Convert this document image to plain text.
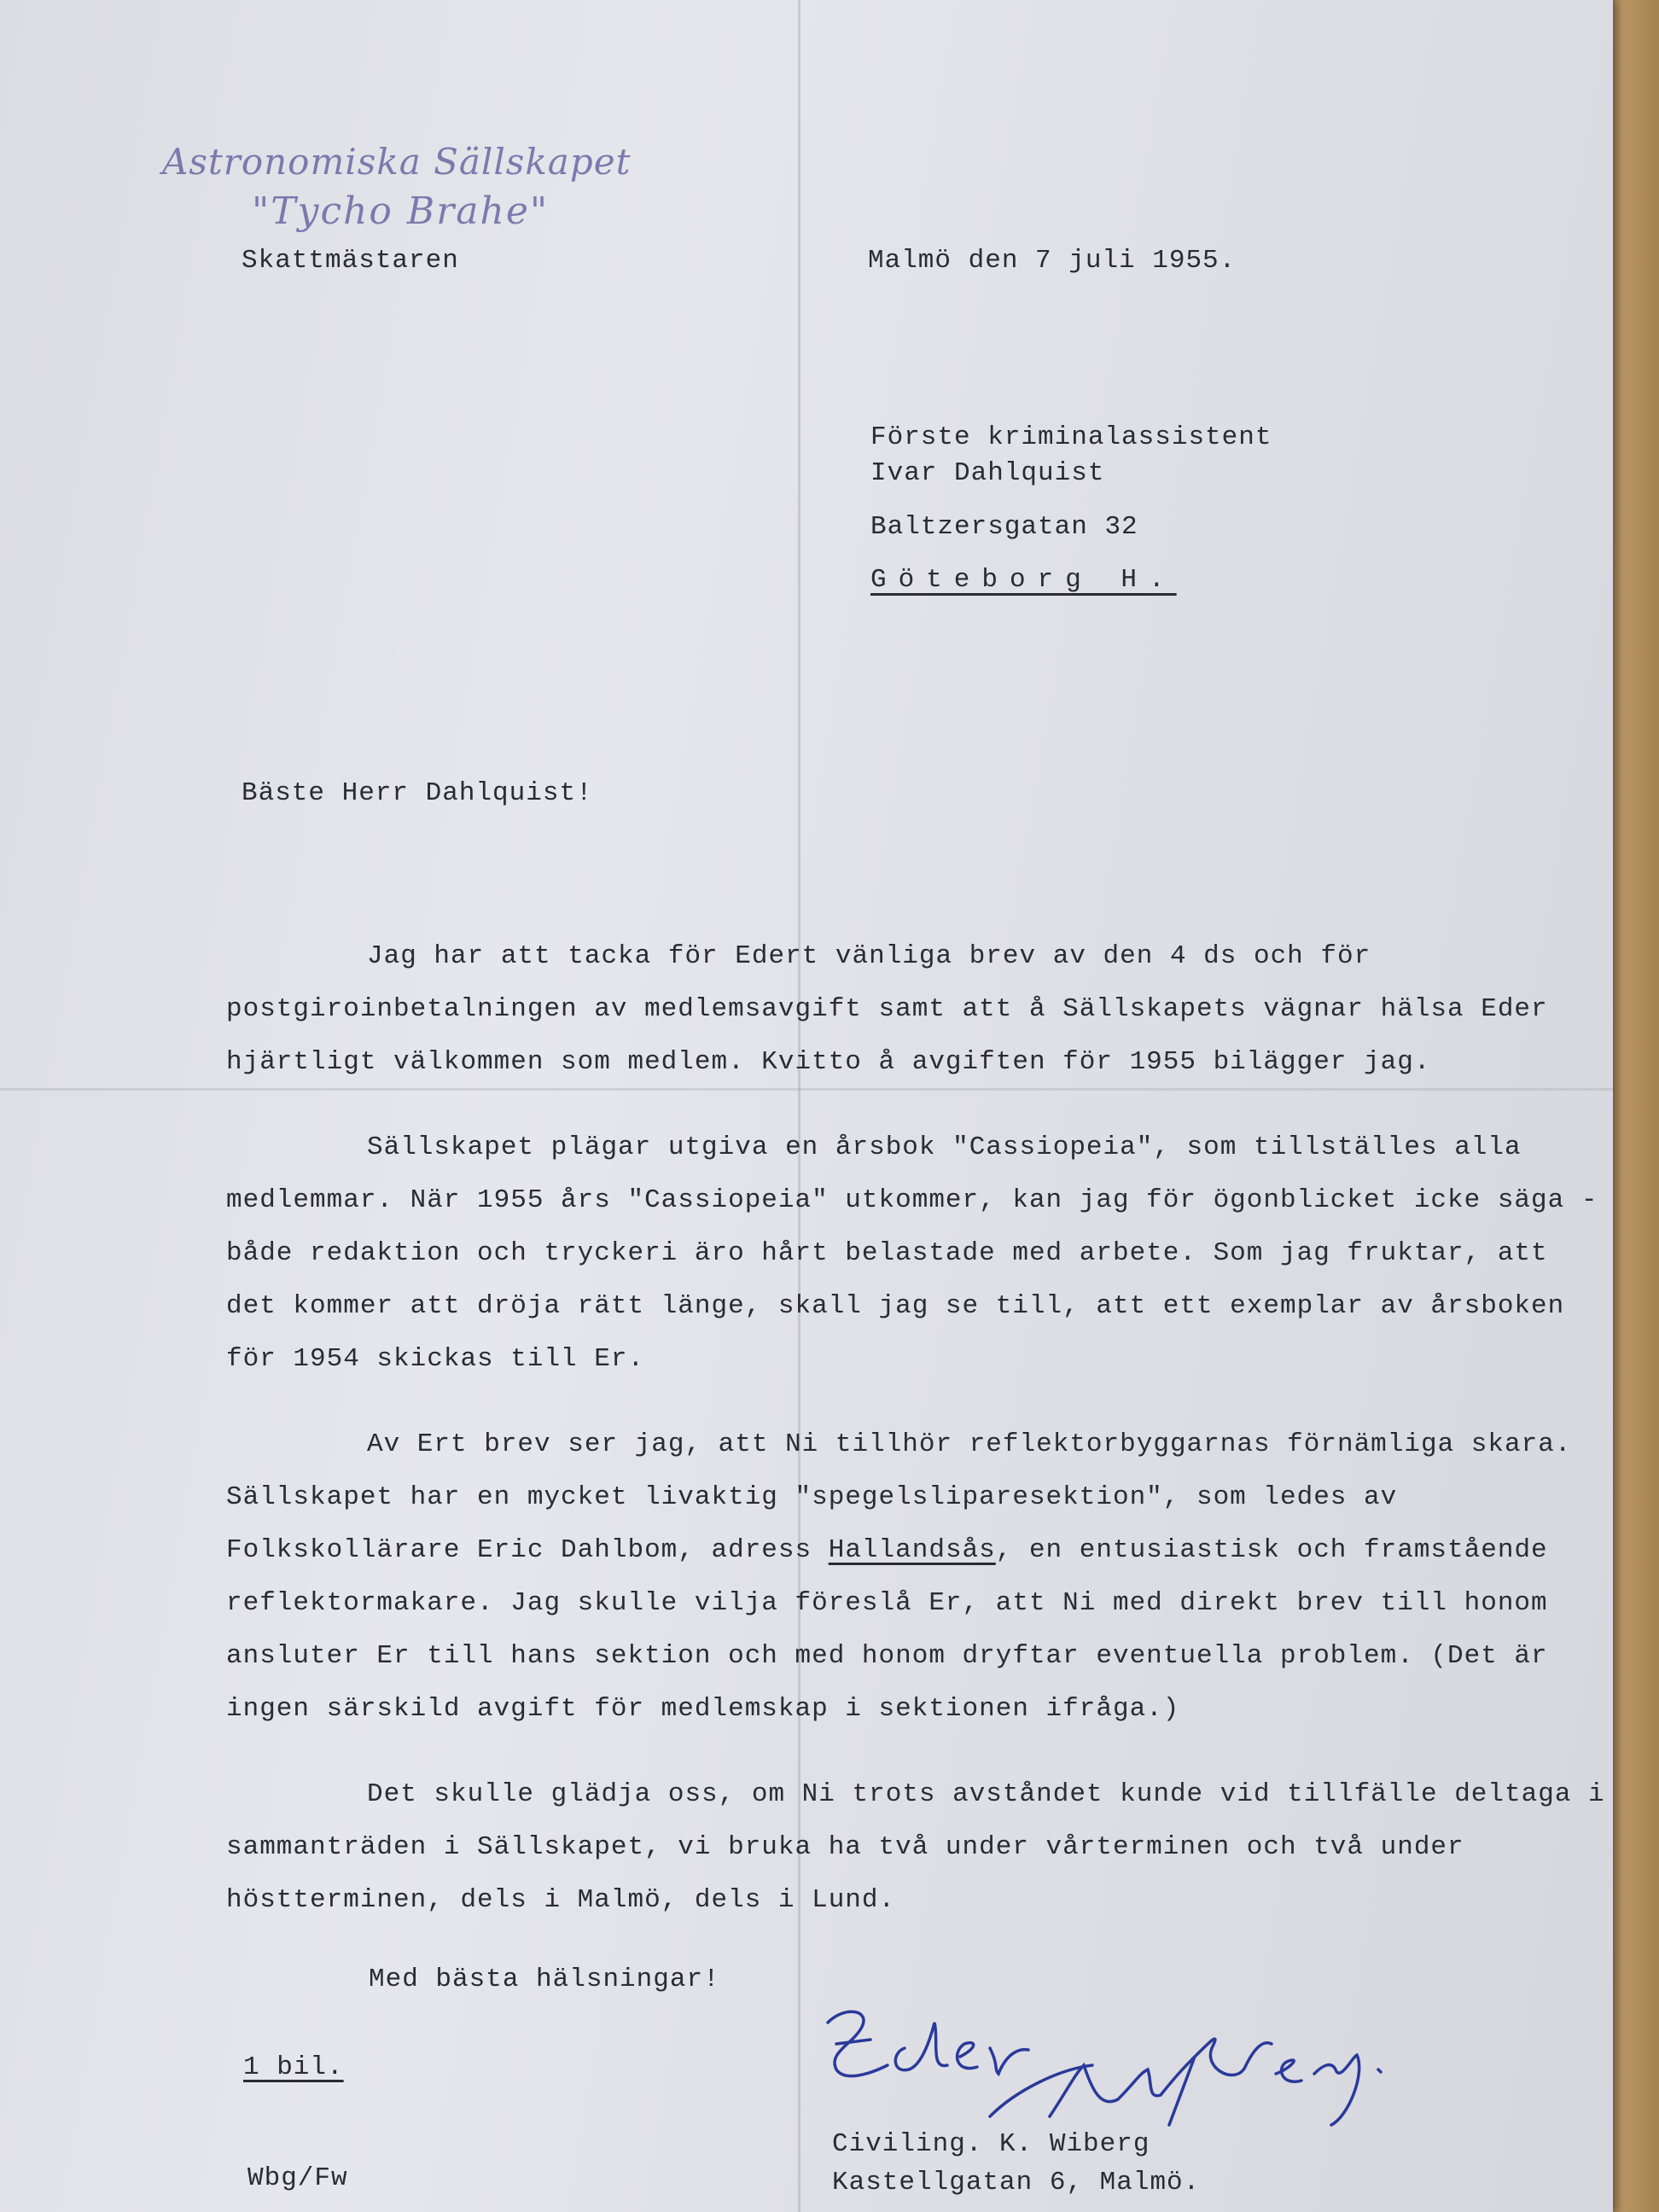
Astronomiska Sällskapet
"Tycho Brahe"
Skattmästaren	Malmö den 7 juli 1955.
Förste kriminalassistent
Ivar Dahlquist
Baltzersgatan 32
Göteborg H.
Bäste Herr Dahlquist!

Jag har att tacka för Edert vänliga brev av den 4 ds och för postgiroinbetalningen av medlemsavgift samt att å Sällskapets vägnar hälsa Eder hjärtligt välkommen som medlem. Kvitto å avgiften för 1955 bilägger jag.

Sällskapet plägar utgiva en årsbok "Cassiopeia", som tillställes alla medlemmar. När 1955 års "Cassiopeia" utkommer, kan jag för ögonblicket icke säga - både redaktion och tryckeri äro hårt belastade med arbete. Som jag fruktar, att det kommer att dröja rätt länge, skall jag se till, att ett exemplar av årsboken för 1954 skickas till Er.

Av Ert brev ser jag, att Ni tillhör reflektorbyggarnas förnämliga skara. Sällskapet har en mycket livaktig "spegelsliparesektion", som ledes av Folkskollärare Eric Dahlbom, adress Hallandsås, en entusiastisk och framstående reflektormakare. Jag skulle vilja föreslå Er, att Ni med direkt brev till honom ansluter Er till hans sektion och med honom dryftar eventuella problem. (Det är ingen särskild avgift för medlemskap i sektionen ifråga.)

Det skulle glädja oss, om Ni trots avståndet kunde vid tillfälle deltaga i sammanträden i Sällskapet, vi bruka ha två under vårterminen och två under höstterminen, dels i Malmö, dels i Lund.

Med bästa hälsningar!
1 bil.
Wbg/Fw
Civiling. K. Wiberg
Kastellgatan 6, Malmö.
